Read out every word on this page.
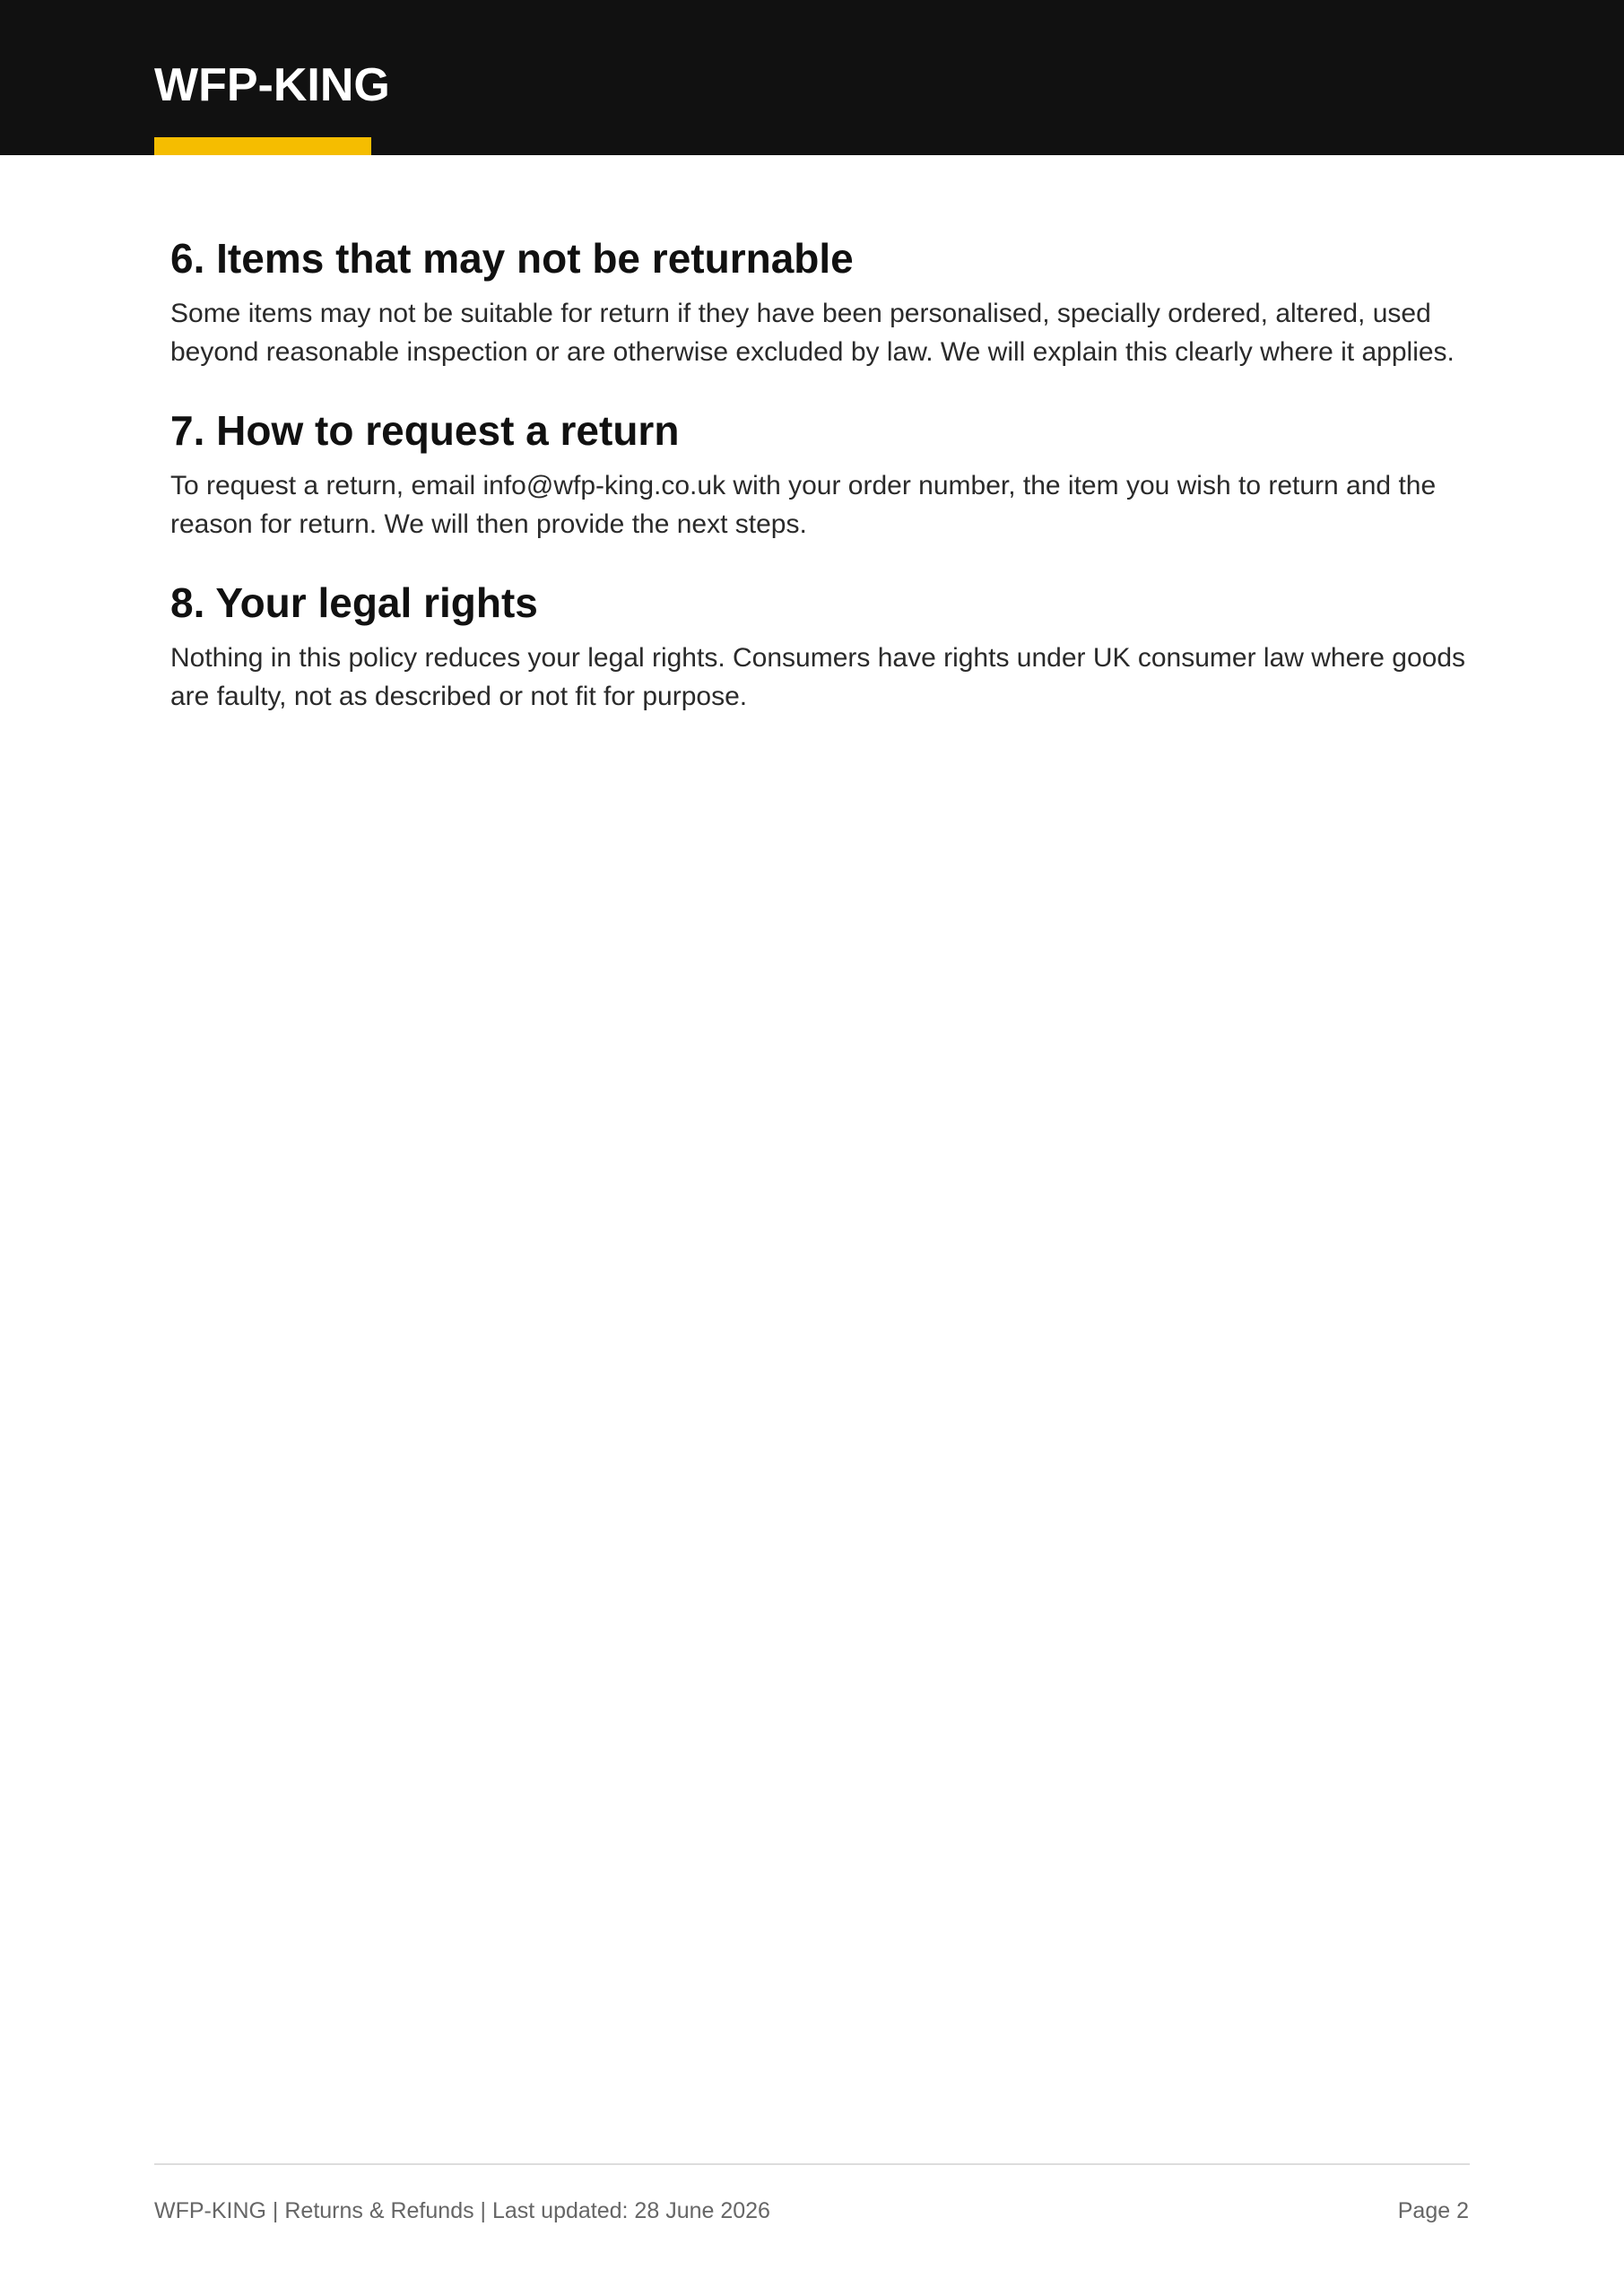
WFP-KING
6. Items that may not be returnable

Some items may not be suitable for return if they have been personalised, specially ordered, altered, used beyond reasonable inspection or are otherwise excluded by law. We will explain this clearly where it applies.

7. How to request a return

To request a return, email info@wfp-king.co.uk with your order number, the item you wish to return and the reason for return. We will then provide the next steps.

8. Your legal rights

Nothing in this policy reduces your legal rights. Consumers have rights under UK consumer law where goods are faulty, not as described or not fit for purpose.

WFP-KING | Returns & Refunds | Last updated: 28 June 2026	Page 2
